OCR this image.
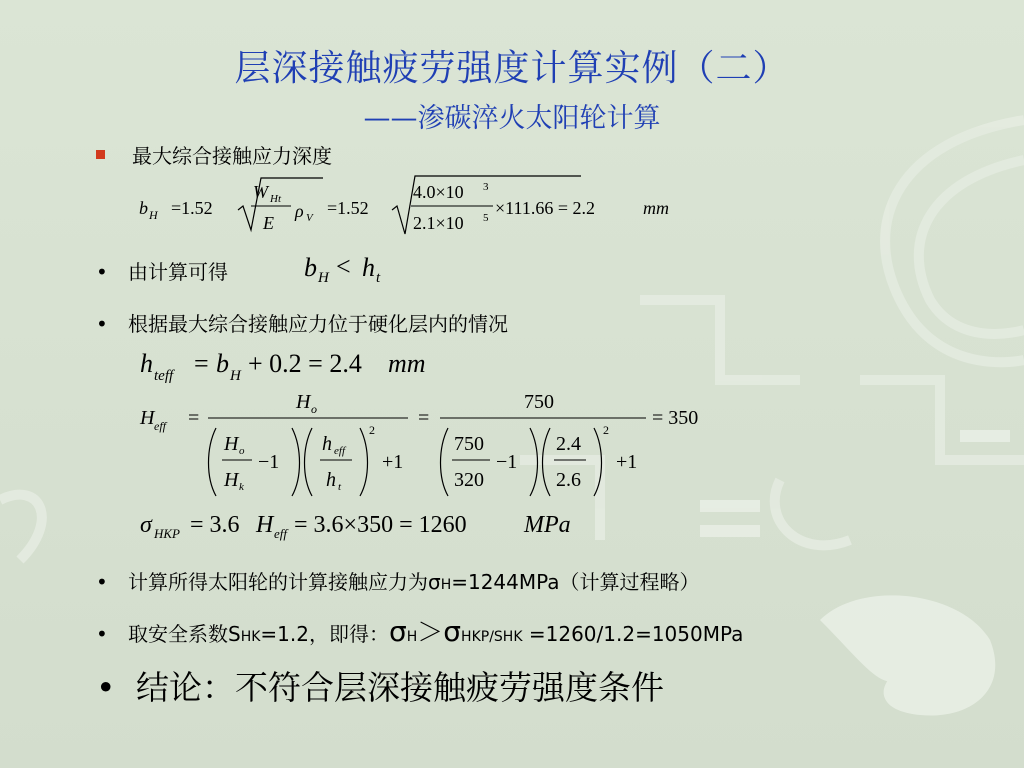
层深接触疲劳强度计算实例（二）
——渗碳淬火太阳轮计算
最大综合接触应力深度
b H =1.52
W Ht
E
ρ V =1.52
4.0×10 3
2.1×10 5 ×111.66 = 2.2	mm
• 由计算可得	b H < h t
• 根据最大综合接触应力位于硬化层内的情况
h teff = b H + 0.2 = 2.4 mm
H eff =
H o
H o
H k
−1
h eff
h t
2
+1
=
750
750
320
−1
2.4
2.6
2
+1
= 350
σ HKP = 3.6 H eff = 3.6×350 = 1260 MPa
• 计算所得太阳轮的计算接触应力为σH=1244MPa（计算过程略）
• 取安全系数SHK=1.2，即得：σH＞σHKP/SHK =1260/1.2=1050MPa
• 结论：不符合层深接触疲劳强度条件
